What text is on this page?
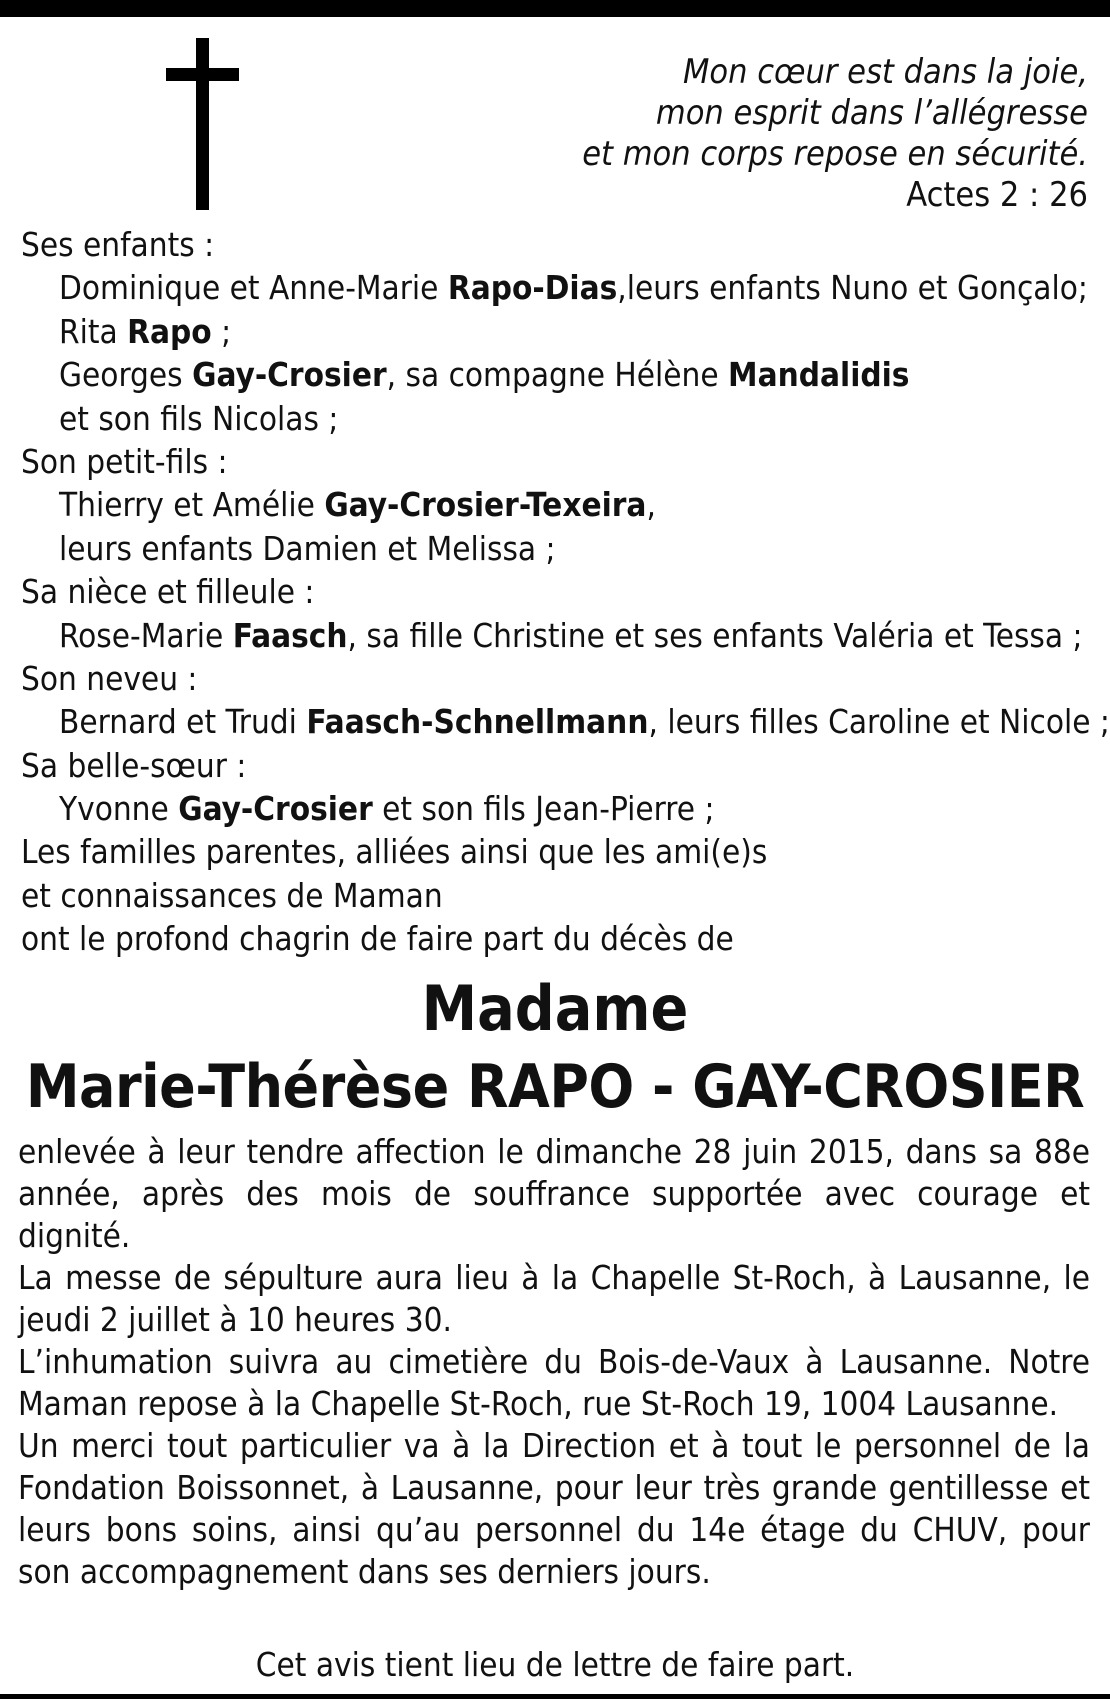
Mon cœur est dans la joie,
mon esprit dans l’allégresse
et mon corps repose en sécurité.
Actes 2 : 26
Ses enfants :
Dominique et Anne-Marie Rapo-Dias,leurs enfants Nuno et Gonçalo;
Rita Rapo ;
Georges Gay-Crosier, sa compagne Hélène Mandalidis
et son fils Nicolas ;
Son petit-fils :
Thierry et Amélie Gay-Crosier-Texeira,
leurs enfants Damien et Melissa ;
Sa nièce et filleule :
Rose-Marie Faasch, sa fille Christine et ses enfants Valéria et Tessa ;
Son neveu :
Bernard et Trudi Faasch-Schnellmann, leurs filles Caroline et Nicole ;
Sa belle-sœur :
Yvonne Gay-Crosier et son fils Jean-Pierre ;
Les familles parentes, alliées ainsi que les ami(e)s
et connaissances de Maman
ont le profond chagrin de faire part du décès de
Madame
Marie-Thérèse RAPO - GAY-CROSIER

enlevée à leur tendre affection le dimanche 28 juin 2015, dans sa 88e année, après des mois de souffrance supportée avec courage et dignité.

La messe de sépulture aura lieu à la Chapelle St-Roch, à Lausanne, le jeudi 2 juillet à 10 heures 30.

L’inhumation suivra au cimetière du Bois-de-Vaux à Lausanne. Notre Maman repose à la Chapelle St-Roch, rue St-Roch 19, 1004 Lausanne.

Un merci tout particulier va à la Direction et à tout le personnel de la Fondation Boissonnet, à Lausanne, pour leur très grande gentillesse et leurs bons soins, ainsi qu’au personnel du 14e étage du CHUV, pour son accompagnement dans ses derniers jours.

Cet avis tient lieu de lettre de faire part.
